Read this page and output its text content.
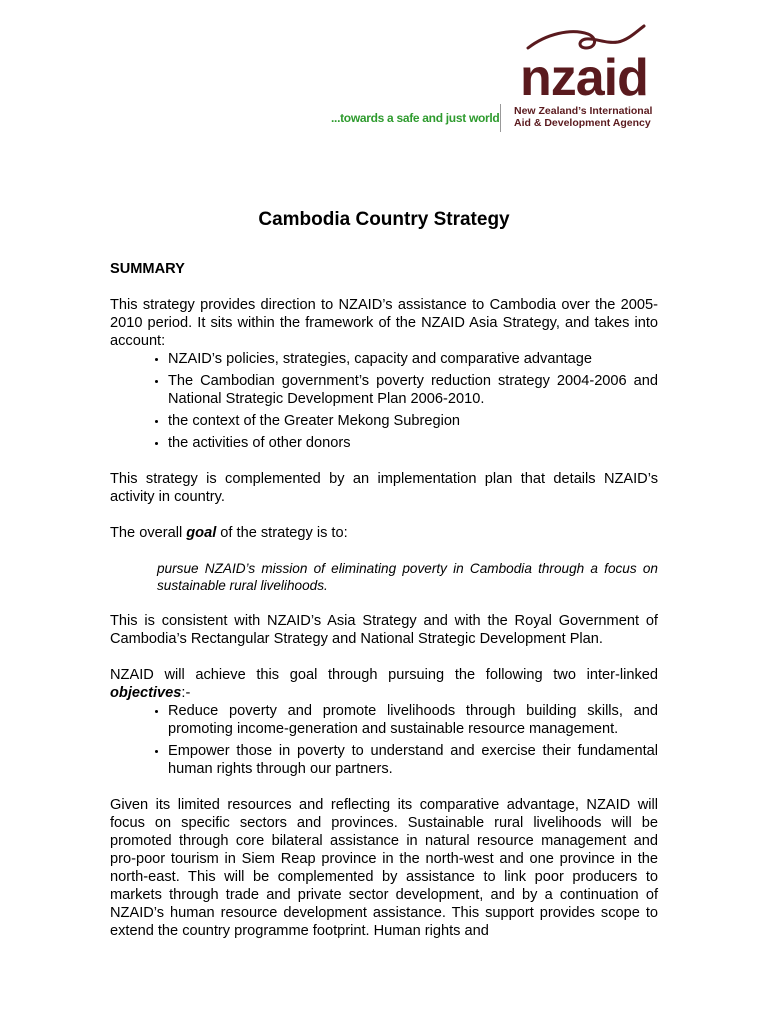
nzaid
...towards a safe and just world New Zealand’s International
Aid & Development Agency
Cambodia Country Strategy
SUMMARY

This strategy provides direction to NZAID’s assistance to Cambodia over the 2005-2010 period. It sits within the framework of the NZAID Asia Strategy, and takes into account:

• NZAID’s policies, strategies, capacity and comparative advantage
• The Cambodian government’s poverty reduction strategy 2004-2006 and National Strategic Development Plan 2006-2010.
• the context of the Greater Mekong Subregion
• the activities of other donors

This strategy is complemented by an implementation plan that details NZAID’s activity in country.

The overall goal of the strategy is to:

pursue NZAID’s mission of eliminating poverty in Cambodia through a focus on sustainable rural livelihoods.

This is consistent with NZAID’s Asia Strategy and with the Royal Government of Cambodia’s Rectangular Strategy and National Strategic Development Plan.

NZAID will achieve this goal through pursuing the following two inter-linked objectives:-

• Reduce poverty and promote livelihoods through building skills, and promoting income-generation and sustainable resource management.
• Empower those in poverty to understand and exercise their fundamental human rights through our partners.

Given its limited resources and reflecting its comparative advantage, NZAID will focus on specific sectors and provinces. Sustainable rural livelihoods will be promoted through core bilateral assistance in natural resource management and pro-poor tourism in Siem Reap province in the north-west and one province in the north-east. This will be complemented by assistance to link poor producers to markets through trade and private sector development, and by a continuation of NZAID’s human resource development assistance. This support provides scope to extend the country programme footprint. Human rights and
